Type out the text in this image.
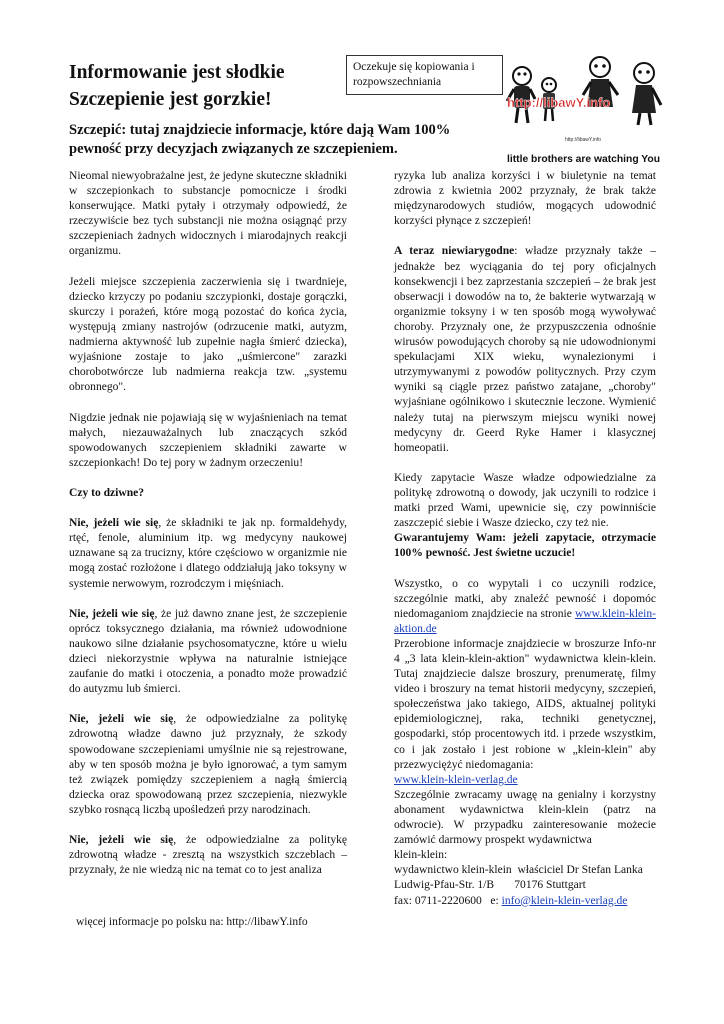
Informowanie jest słodkie
Szczepienie jest gorzkie!
Oczekuje się kopiowania i rozpowszechniania
http://libawY.info
http://libawY.info
little brothers are watching You
Szczepić: tutaj znajdziecie informacje, które dają Wam 100% pewność przy decyzjach związanych ze szczepieniem.

Nieomal niewyobrażalne jest, że jedyne skuteczne składniki w szczepionkach to substancje pomocnicze i środki konserwujące. Matki pytały i otrzymały odpowiedź, że rzeczywiście bez tych substancji nie można osiągnąć przy szczepieniach żadnych widocznych i miarodajnych reakcji organizmu.

Jeżeli miejsce szczepienia zaczerwienia się i twardnieje, dziecko krzyczy po podaniu szczypionki, dostaje gorączki, skurczy i porażeń, które mogą pozostać do końca życia, występują zmiany nastrojów (odrzucenie matki, autyzm, nadmierna aktywność lub zupełnie nagła śmierć dziecka), wyjaśnione zostaje to jako „uśmiercone" zarazki chorobotwórcze lub nadmierna reakcja tzw. „systemu obronnego".

Nigdzie jednak nie pojawiają się w wyjaśnieniach na temat małych, niezauważalnych lub znaczących szkód spowodowanych szczepieniem składniki zawarte w szczepionkach! Do tej pory w żadnym orzeczeniu!

Czy to dziwne?

Nie, jeżeli wie się, że składniki te jak np. formaldehydy, rtęć, fenole, aluminium itp. wg medycyny naukowej uznawane są za trucizny, które częściowo w organizmie nie mogą zostać rozłożone i dlatego oddziałują jako toksyny w systemie nerwowym, rozrodczym i mięśniach.

Nie, jeżeli wie się, że już dawno znane jest, że szczepienie oprócz toksycznego działania, ma również udowodnione naukowo silne działanie psychosomatyczne, które u wielu dzieci niekorzystnie wpływa na naturalnie istniejące zaufanie do matki i otoczenia, a ponadto może prowadzić do autyzmu lub śmierci.

Nie, jeżeli wie się, że odpowiedzialne za politykę zdrowotną władze dawno już przyznały, że szkody spowodowane szczepieniami umyślnie nie są rejestrowane, aby w ten sposób można je było ignorować, a tym samym też związek pomiędzy szczepieniem a nagłą śmiercią dziecka oraz spowodowaną przez szczepienia, niezwykle szybko rosnącą liczbą upośledzeń przy narodzinach.

Nie, jeżeli wie się, że odpowiedzialne za politykę zdrowotną władze - zresztą na wszystkich szczeblach – przyznały, że nie wiedzą nic na temat co to jest analiza

ryzyka lub analiza korzyści i w biuletynie na temat zdrowia z kwietnia 2002 przyznały, że brak także międzynarodowych studiów, mogących udowodnić korzyści płynące z szczepień!

A teraz niewiarygodne: władze przyznały także – jednakże bez wyciągania do tej pory oficjalnych konsekwencji i bez zaprzestania szczepień – że brak jest obserwacji i dowodów na to, że bakterie wytwarzają w organizmie toksyny i w ten sposób mogą wywoływać choroby. Przyznały one, że przypuszczenia odnośnie wirusów powodujących choroby są nie udowodnionymi spekulacjami XIX wieku, wynalezionymi i utrzymywanymi z powodów politycznych. Przy czym wyniki są ciągle przez państwo zatajane, „choroby" wyjaśniane ogólnikowo i skutecznie leczone. Wymienić należy tutaj na pierwszym miejscu wyniki nowej medycyny dr. Geerd Ryke Hamer i klasycznej homeopatii.

Kiedy zapytacie Wasze władze odpowiedzialne za politykę zdrowotną o dowody, jak uczynili to rodzice i matki przed Wami, upewnicie się, czy powinniście zaszczepić siebie i Wasze dziecko, czy też nie.
Gwarantujemy Wam: jeżeli zapytacie, otrzymacie 100% pewność. Jest świetne uczucie!

Wszystko, o co wypytali i co uczynili rodzice, szczególnie matki, aby znaleźć pewność i dopomóc niedomaganiom znajdziecie na stronie www.klein-klein-aktion.de

Przerobione informacje znajdziecie w broszurze Info-nr 4 „3 lata klein-klein-aktion" wydawnictwa klein-klein. Tutaj znajdziecie dalsze broszury, prenumeratę, filmy video i broszury na temat historii medycyny, szczepień, społeczeństwa jako takiego, AIDS, aktualnej polityki epidemiologicznej, raka, techniki genetycznej, gospodarki, stóp procentowych itd. i przede wszystkim, co i jak zostało i jest robione w „klein-klein" aby przezwyciężyć niedomagania:
www.klein-klein-verlag.de

Szczególnie zwracamy uwagę na genialny i korzystny abonament wydawnictwa klein-klein (patrz na odwrocie). W przypadku zainteresowanie możecie zamówić darmowy prospekt wydawnictwa

klein-klein:
wydawnictwo klein-klein  właściciel Dr Stefan Lanka
Ludwig-Pfau-Str. 1/B       70176 Stuttgart
fax: 0711-2220600   e: info@klein-klein-verlag.de
więcej informacje po polsku na: http://libawY.info
